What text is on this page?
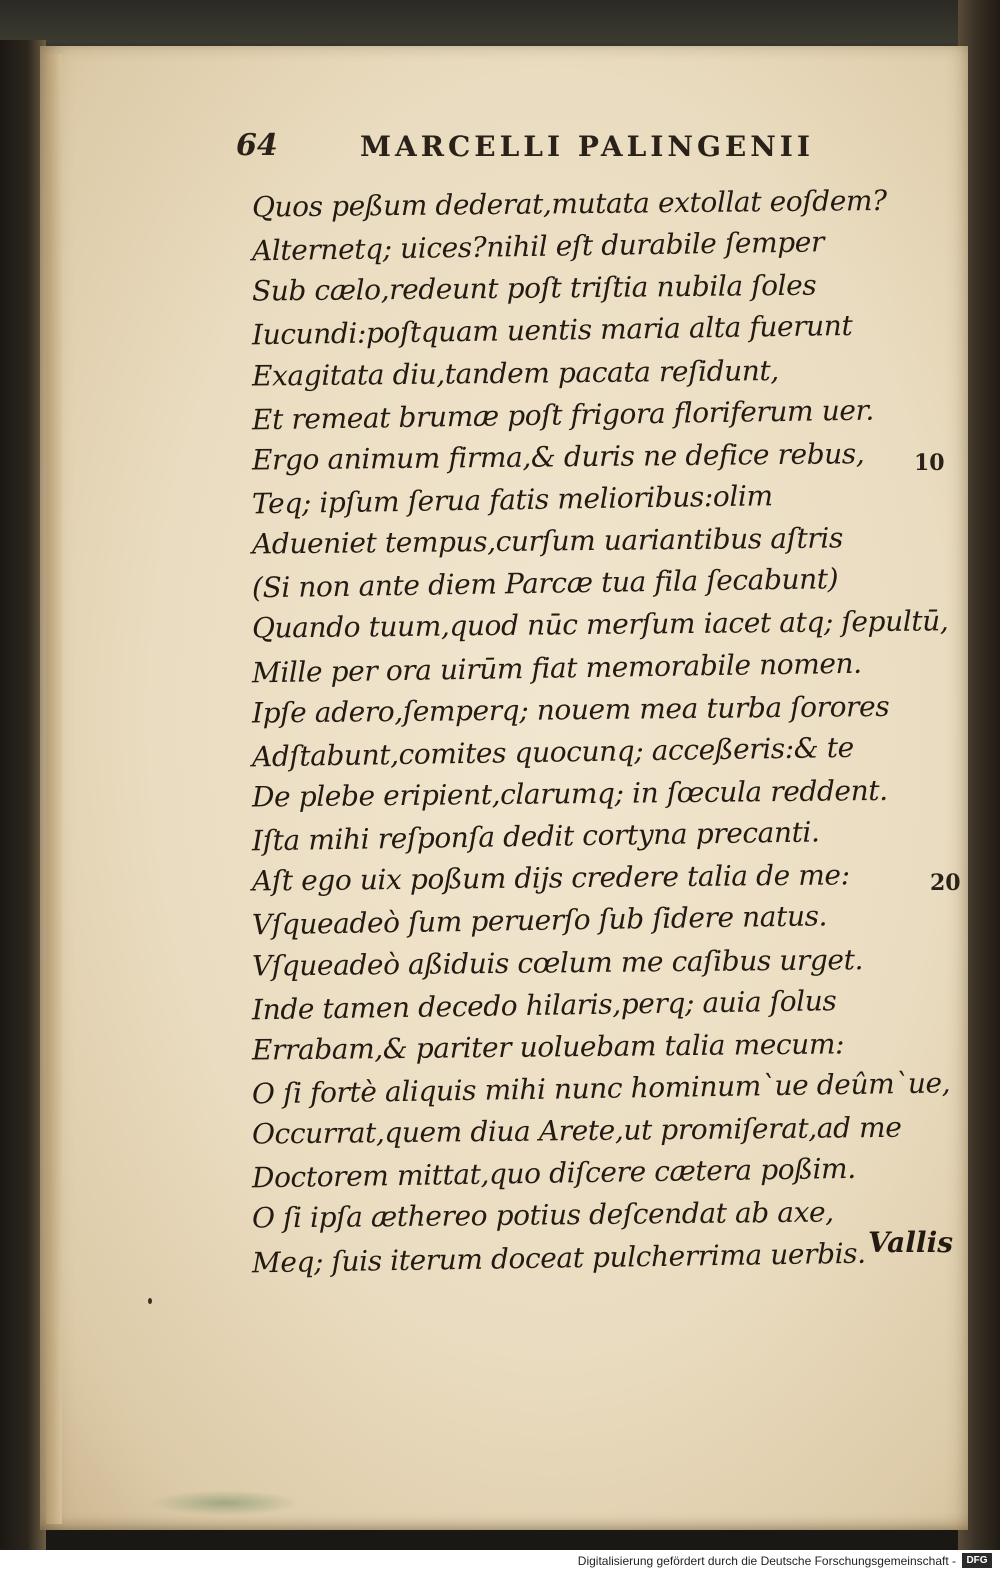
64	MARCELLI PALINGENII
Quos peßum dederat,mutata extollat eoſdem?
Alternetq; uices?nihil eſt durabile ſemper
Sub cælo,redeunt poſt triſtia nubila ſoles
Iucundi:poſtquam uentis maria alta fuerunt
Exagitata diu,tandem pacata reſidunt,
Et remeat brumæ poſt frigora floriferum uer.
Ergo animum firma,& duris ne defice rebus,
Teq; ipſum ſerua fatis melioribus:olim
Adueniet tempus,curſum uariantibus aſtris
(Si non ante diem Parcæ tua fila ſecabunt)
Quando tuum,quod nūc merſum iacet atq; ſepultū,
Mille per ora uirūm fiat memorabile nomen.
Ipſe adero,ſemperq; nouem mea turba ſorores
Adſtabunt,comites quocunq; acceßeris:& te
De plebe eripient,clarumq; in ſœcula reddent.
Iſta mihi reſponſa dedit cortyna precanti.
Aſt ego uix poßum dijs credere talia de me:
Vſqueadeò ſum peruerſo ſub ſidere natus.
Vſqueadeò aßiduis cœlum me caſibus urget.
Inde tamen decedo hilaris,perq; auia ſolus
Errabam,& pariter uoluebam talia mecum:
O ſi fortè aliquis mihi nunc hominum`ue deûm`ue,
Occurrat,quem diua Arete,ut promiſerat,ad me
Doctorem mittat,quo diſcere cætera poßim.
O ſi ipſa æthereo potius deſcendat ab axe,
Meq; ſuis iterum doceat pulcherrima uerbis.
10
20
Vallis
Digitalisierung gefördert durch die Deutsche Forschungsgemeinschaft -	DFG
